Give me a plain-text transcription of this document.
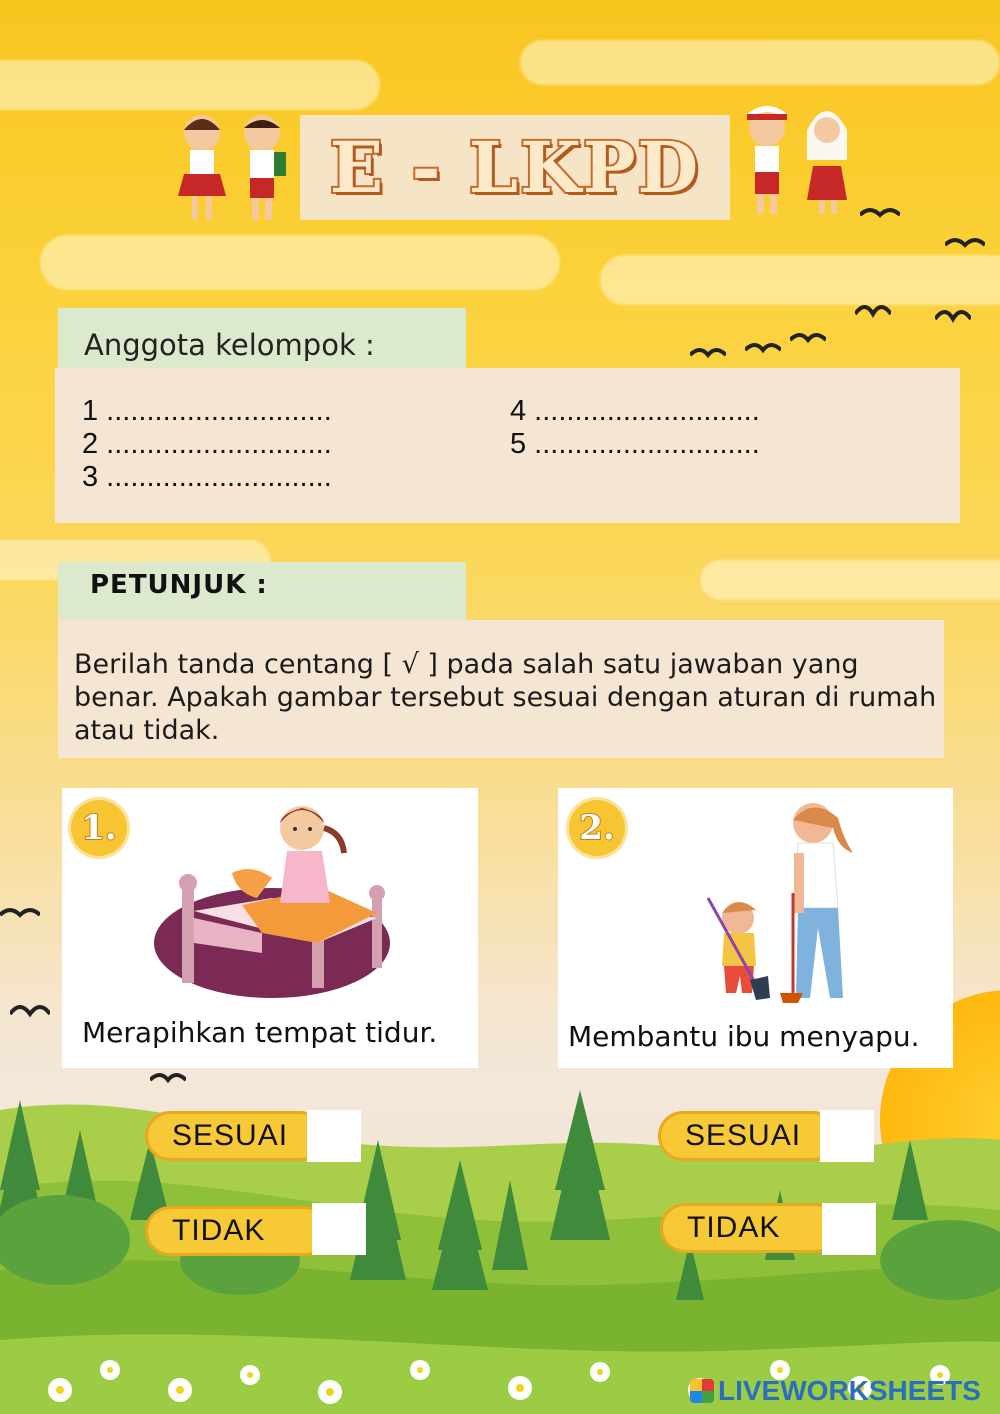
E - LKPD
Anggota kelompok :
1 ............................
2 ............................
3 ............................
4 ............................
5 ............................
PETUNJUK :
Berilah tanda centang [ √ ] pada salah satu jawaban yang benar. Apakah gambar tersebut sesuai dengan aturan di rumah atau tidak.
Merapihkan tempat tidur.
1.
Membantu ibu menyapu.
2.
SESUAI
TIDAK
SESUAI
TIDAK
LIVEWORKSHEETS
